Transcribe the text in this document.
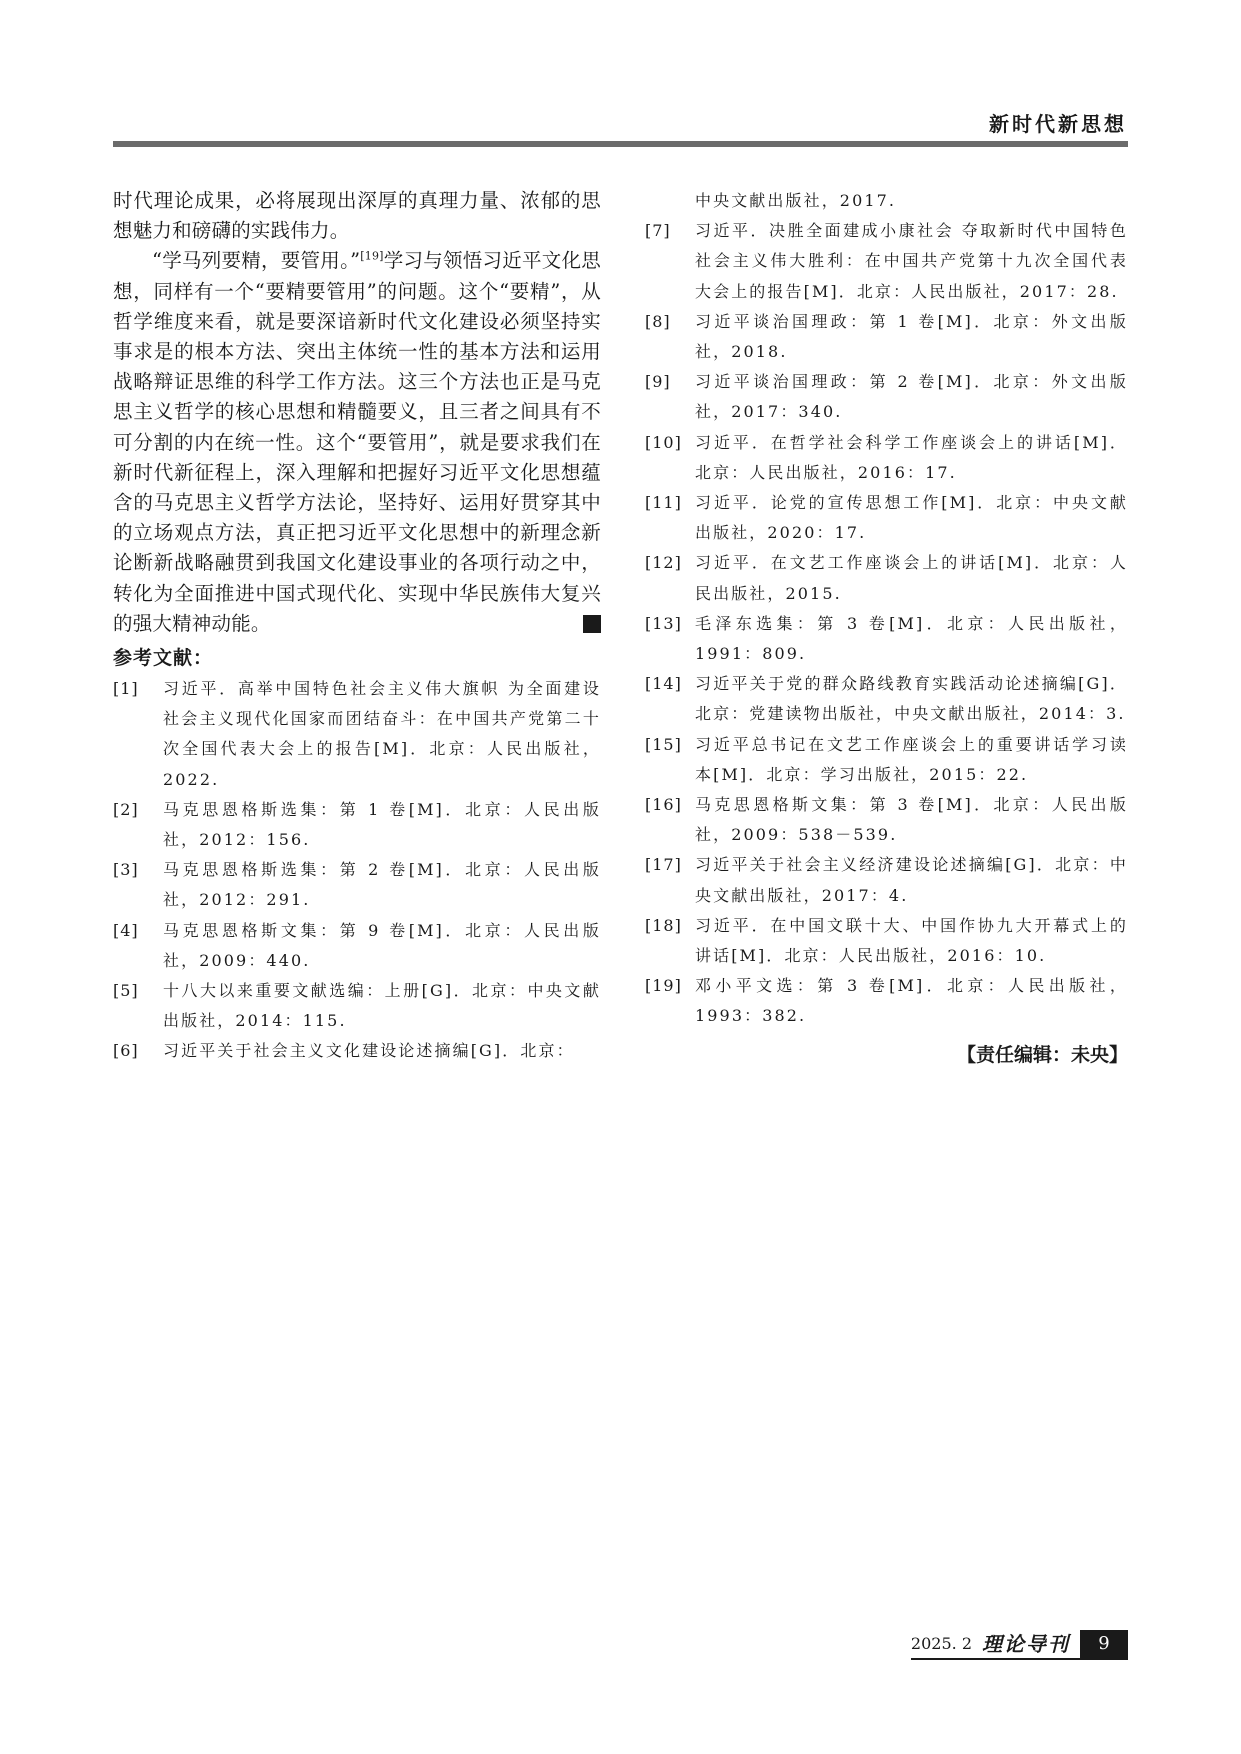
新时代新思想

时代理论成果，必将展现出深厚的真理力量、浓郁的思想魅力和磅礴的实践伟力。

“学马列要精，要管用。”[19]学习与领悟习近平文化思想，同样有一个“要精要管用”的问题。这个“要精”，从哲学维度来看，就是要深谙新时代文化建设必须坚持实事求是的根本方法、突出主体统一性的基本方法和运用战略辩证思维的科学工作方法。这三个方法也正是马克思主义哲学的核心思想和精髓要义，且三者之间具有不可分割的内在统一性。这个“要管用”，就是要求我们在新时代新征程上，深入理解和把握好习近平文化思想蕴含的马克思主义哲学方法论，坚持好、运用好贯穿其中的立场观点方法，真正把习近平文化思想中的新理念新论断新战略融贯到我国文化建设事业的各项行动之中，转化为全面推进中国式现代化、实现中华民族伟大复兴的强大精神动能。	K

参考文献：
[1] 习近平．高举中国特色社会主义伟大旗帜 为全面建设社会主义现代化国家而团结奋斗：在中国共产党第二十次全国代表大会上的报告[M]．北京：人民出版社，2022.
[2] 马克思恩格斯选集：第 1 卷[M]．北京：人民出版社，2012：156.
[3] 马克思恩格斯选集：第 2 卷[M]．北京：人民出版社，2012：291.
[4] 马克思恩格斯文集：第 9 卷[M]．北京：人民出版社，2009：440.
[5] 十八大以来重要文献选编：上册[G]．北京：中央文献出版社，2014：115.
[6] 习近平关于社会主义文化建设论述摘编[G]．北京：
中央文献出版社，2017.
[7] 习近平．决胜全面建成小康社会 夺取新时代中国特色社会主义伟大胜利：在中国共产党第十九次全国代表大会上的报告[M]．北京：人民出版社，2017：28.
[8] 习近平谈治国理政：第 1 卷[M]．北京：外文出版社，2018.
[9] 习近平谈治国理政：第 2 卷[M]．北京：外文出版社，2017：340.
[10] 习近平．在哲学社会科学工作座谈会上的讲话[M]．北京：人民出版社，2016：17.
[11] 习近平．论党的宣传思想工作[M]．北京：中央文献出版社，2020：17.
[12] 习近平．在文艺工作座谈会上的讲话[M]．北京：人民出版社，2015.
[13] 毛泽东选集：第 3 卷[M]．北京：人民出版社，1991：809.
[14] 习近平关于党的群众路线教育实践活动论述摘编[G]．北京：党建读物出版社，中央文献出版社，2014：3.
[15] 习近平总书记在文艺工作座谈会上的重要讲话学习读本[M]．北京：学习出版社，2015：22.
[16] 马克思恩格斯文集：第 3 卷[M]．北京：人民出版社，2009：538－539.
[17] 习近平关于社会主义经济建设论述摘编[G]．北京：中央文献出版社，2017：4.
[18] 习近平．在中国文联十大、中国作协九大开幕式上的讲话[M]．北京：人民出版社，2016：10.
[19] 邓小平文选：第 3 卷[M]．北京：人民出版社，1993：382.
【责任编辑：未央】
2025. 2 理论导刊	9
